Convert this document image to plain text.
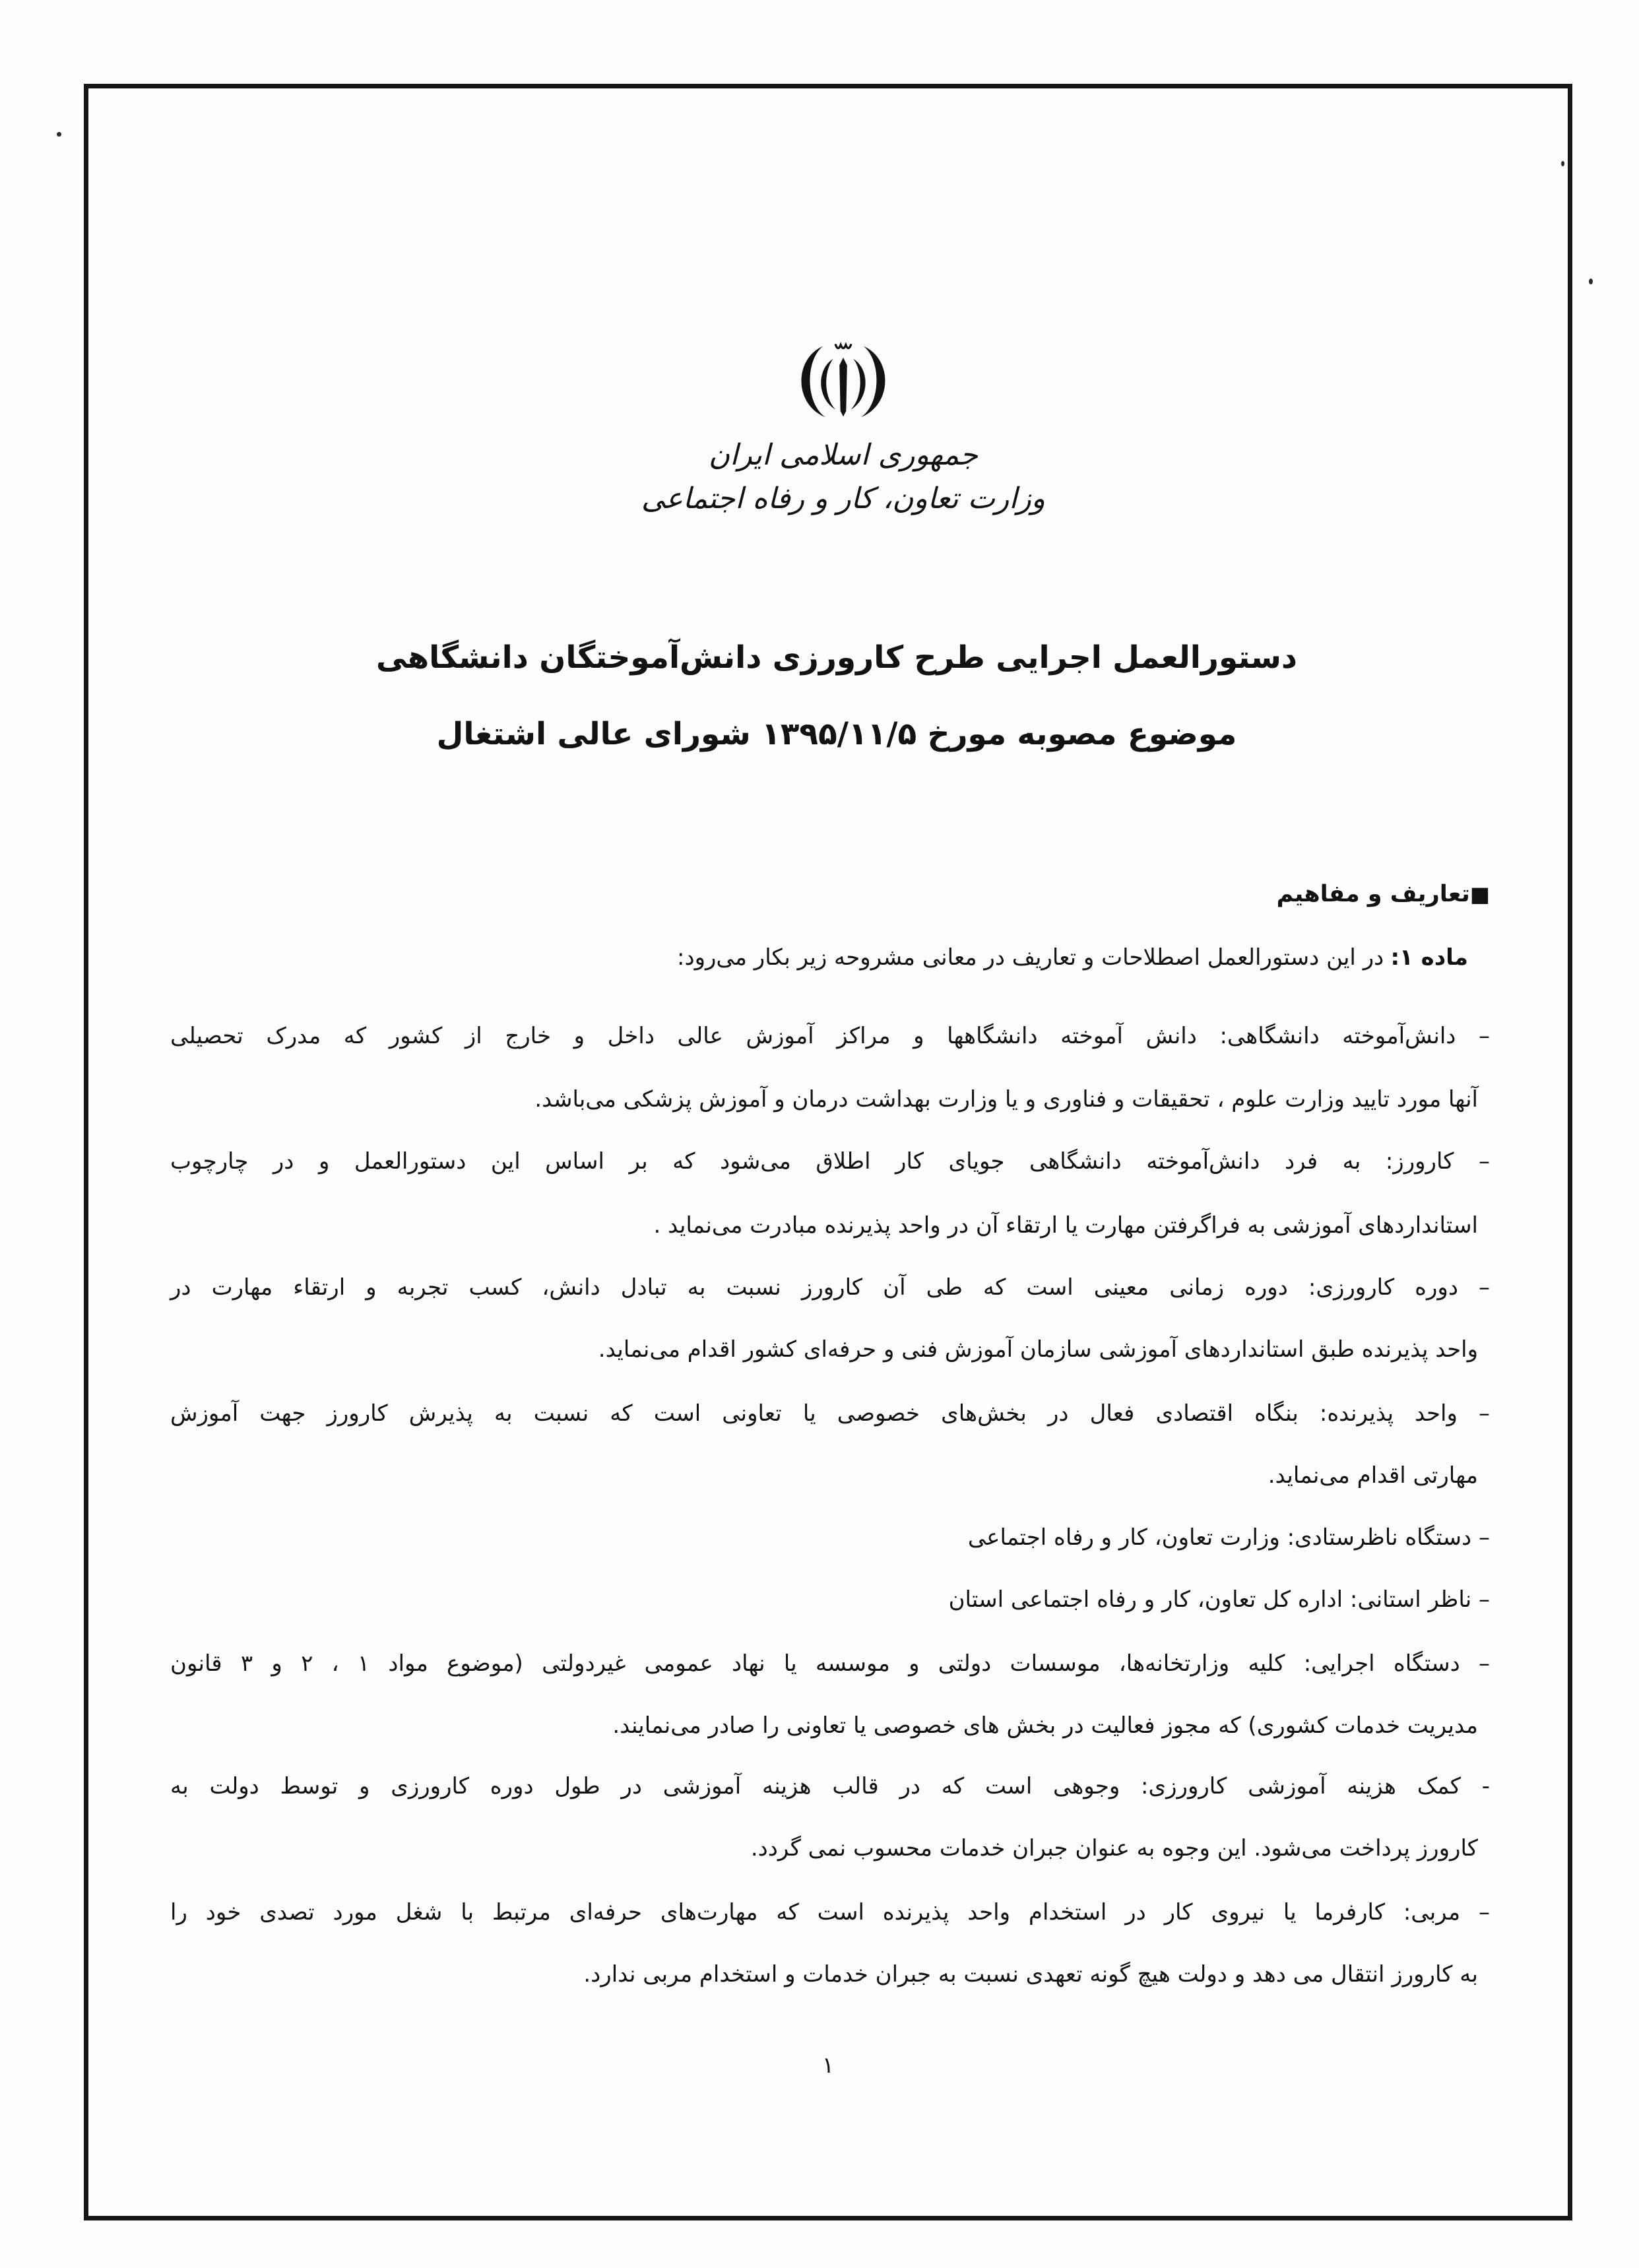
جمهوری اسلامی ایران
وزارت تعاون، کار و رفاه اجتماعی
دستورالعمل اجرایی طرح کارورزی دانش‌آموختگان دانشگاهی
موضوع مصوبه مورخ ۱۳۹۵/۱۱/۵ شورای عالی اشتغال
■تعاریف و مفاهیم
ماده ۱:در این دستورالعمل اصطلاحات و تعاریف در معانی مشروحه زیر بکار می‌رود:
– دانش‌آموخته دانشگاهی: دانش آموخته دانشگاهها و مراکز آموزش عالی داخل و خارج از کشور که مدرک تحصیلی
آنها مورد تایید وزارت علوم ، تحقیقات و فناوری و یا وزارت بهداشت درمان و آموزش پزشکی می‌باشد.
– کارورز: به فرد دانش‌آموخته دانشگاهی جویای کار اطلاق می‌شود که بر اساس این دستورالعمل و در چارچوب
استانداردهای آموزشی به فراگرفتن مهارت یا ارتقاء آن در واحد پذیرنده مبادرت می‌نماید .
– دوره کارورزی: دوره زمانی معینی است که طی آن کارورز نسبت به تبادل دانش، کسب تجربه و ارتقاء مهارت در
واحد پذیرنده طبق استانداردهای آموزشی سازمان آموزش فنی و حرفه‌ای کشور اقدام می‌نماید.
– واحد پذیرنده: بنگاه اقتصادی فعال در بخش‌های خصوصی یا تعاونی است که نسبت به پذیرش کارورز جهت آموزش
مهارتی اقدام می‌نماید.
– دستگاه ناظرستادی: وزارت تعاون، کار و رفاه اجتماعی
– ناظر استانی: اداره کل تعاون، کار و رفاه اجتماعی استان
– دستگاه اجرایی: کلیه وزارتخانه‌ها، موسسات دولتی و موسسه یا نهاد عمومی غیردولتی (موضوع مواد ۱ ، ۲ و ۳ قانون
مدیریت خدمات کشوری) که مجوز فعالیت در بخش های خصوصی یا تعاونی را صادر می‌نمایند.
- کمک هزینه آموزشی کارورزی: وجوهی است که در قالب هزینه آموزشی در طول دوره کارورزی و توسط دولت به
کارورز پرداخت می‌شود. این وجوه به عنوان جبران خدمات محسوب نمی گردد.
– مربی: کارفرما یا نیروی کار در استخدام واحد پذیرنده است که مهارت‌های حرفه‌ای مرتبط با شغل مورد تصدی خود را
به کارورز انتقال می دهد و دولت هیچ گونه تعهدی نسبت به جبران خدمات و استخدام مربی ندارد.
۱
